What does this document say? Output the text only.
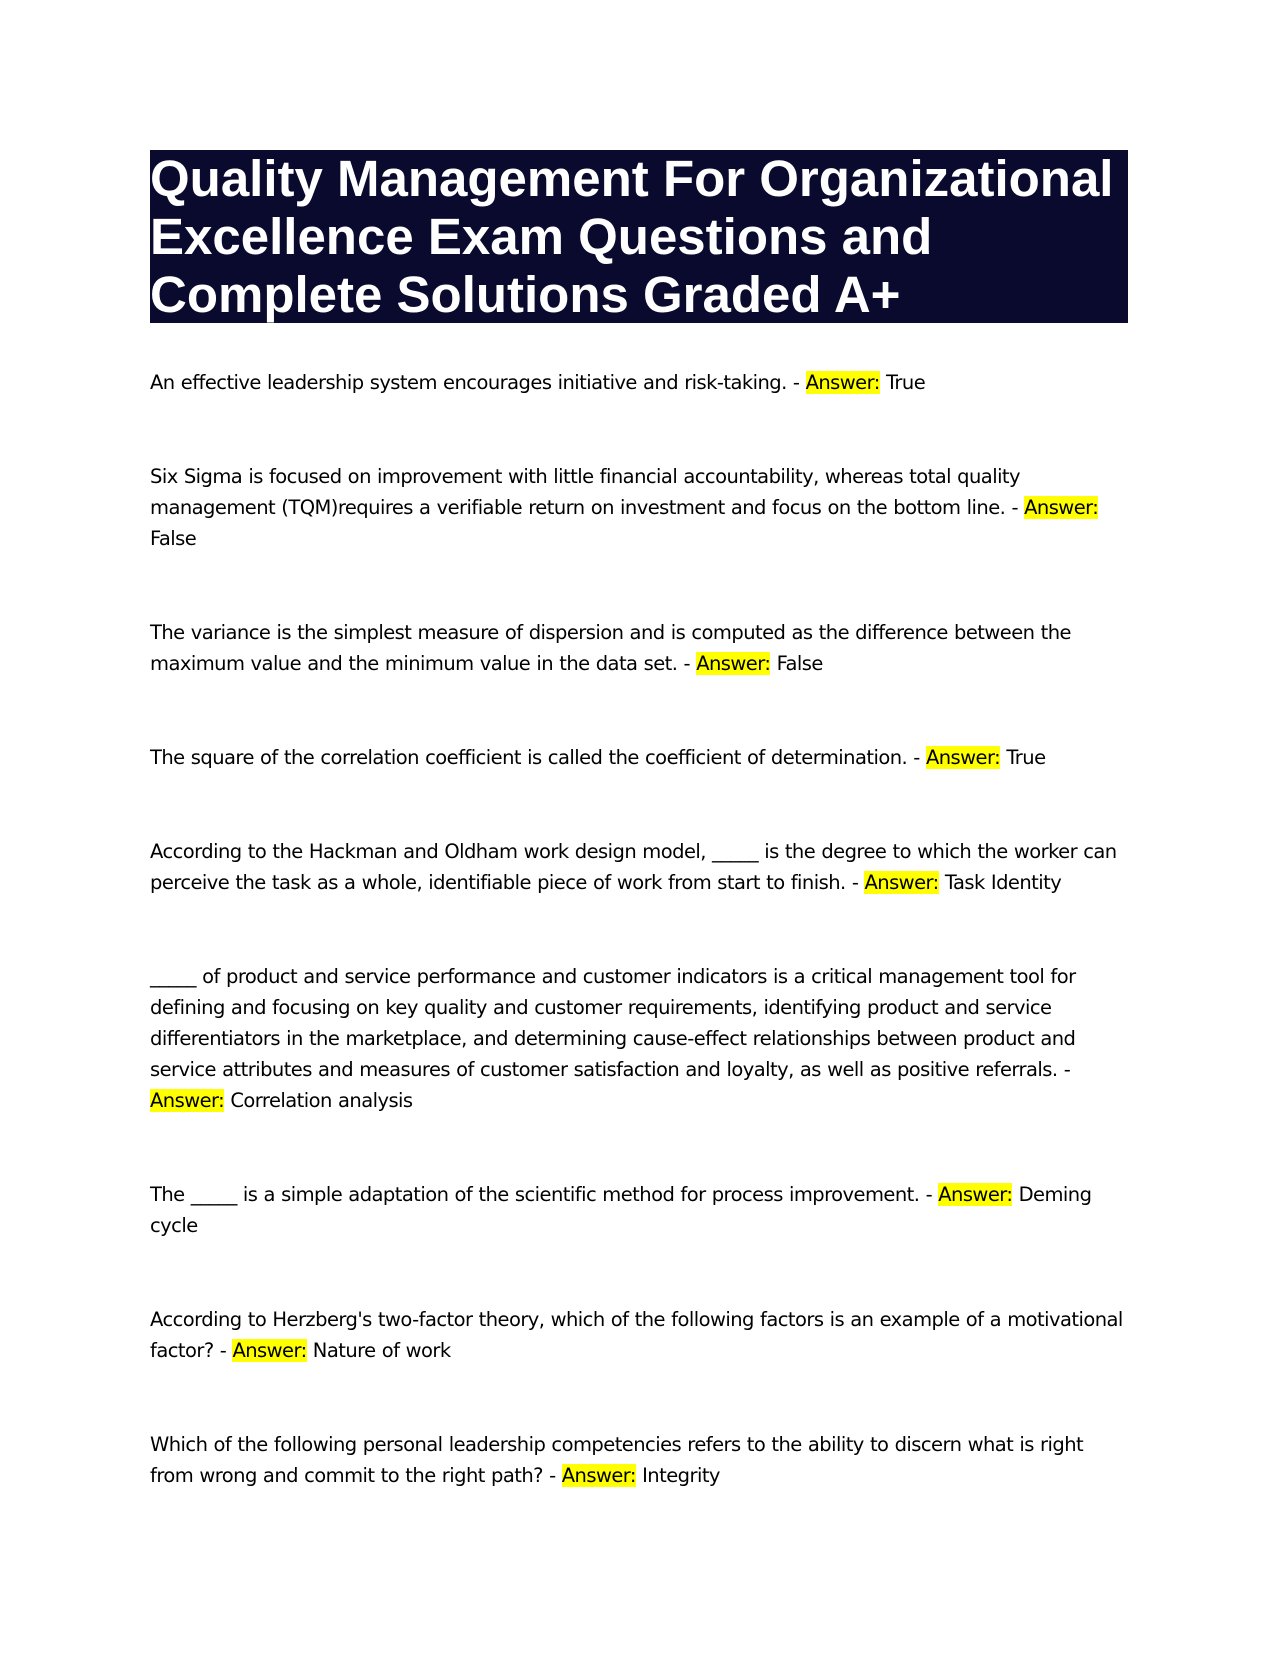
Quality Management For Organizational Excellence Exam Questions and Complete Solutions Graded A+

An effective leadership system encourages initiative and risk-taking. - Answer: True

Six Sigma is focused on improvement with little financial accountability, whereas total quality management (TQM)requires a verifiable return on investment and focus on the bottom line. - Answer: False

The variance is the simplest measure of dispersion and is computed as the difference between the maximum value and the minimum value in the data set. - Answer: False

The square of the correlation coefficient is called the coefficient of determination. - Answer: True

According to the Hackman and Oldham work design model, _____ is the degree to which the worker can perceive the task as a whole, identifiable piece of work from start to finish. - Answer: Task Identity

_____ of product and service performance and customer indicators is a critical management tool for defining and focusing on key quality and customer requirements, identifying product and service differentiators in the marketplace, and determining cause-effect relationships between product and service attributes and measures of customer satisfaction and loyalty, as well as positive referrals. - Answer: Correlation analysis

The _____ is a simple adaptation of the scientific method for process improvement. - Answer: Deming cycle

According to Herzberg's two-factor theory, which of the following factors is an example of a motivational factor? - Answer: Nature of work

Which of the following personal leadership competencies refers to the ability to discern what is right from wrong and commit to the right path? - Answer: Integrity
